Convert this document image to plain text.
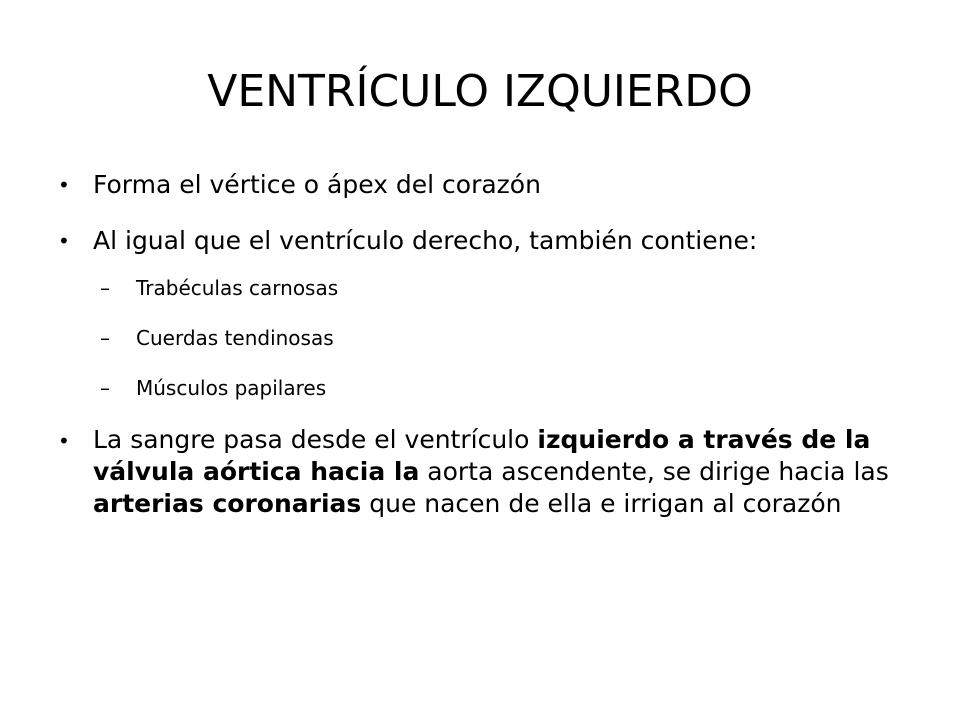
VENTRÍCULO IZQUIERDO
• Forma el vértice o ápex del corazón
• Al igual que el ventrículo derecho, también contiene:
– Trabéculas carnosas
– Cuerdas tendinosas
– Músculos papilares
• La sangre pasa desde el ventrículo izquierdo a través de la válvula aórtica hacia la aorta ascendente, se dirige hacia las arterias coronarias que nacen de ella e irrigan al corazón
